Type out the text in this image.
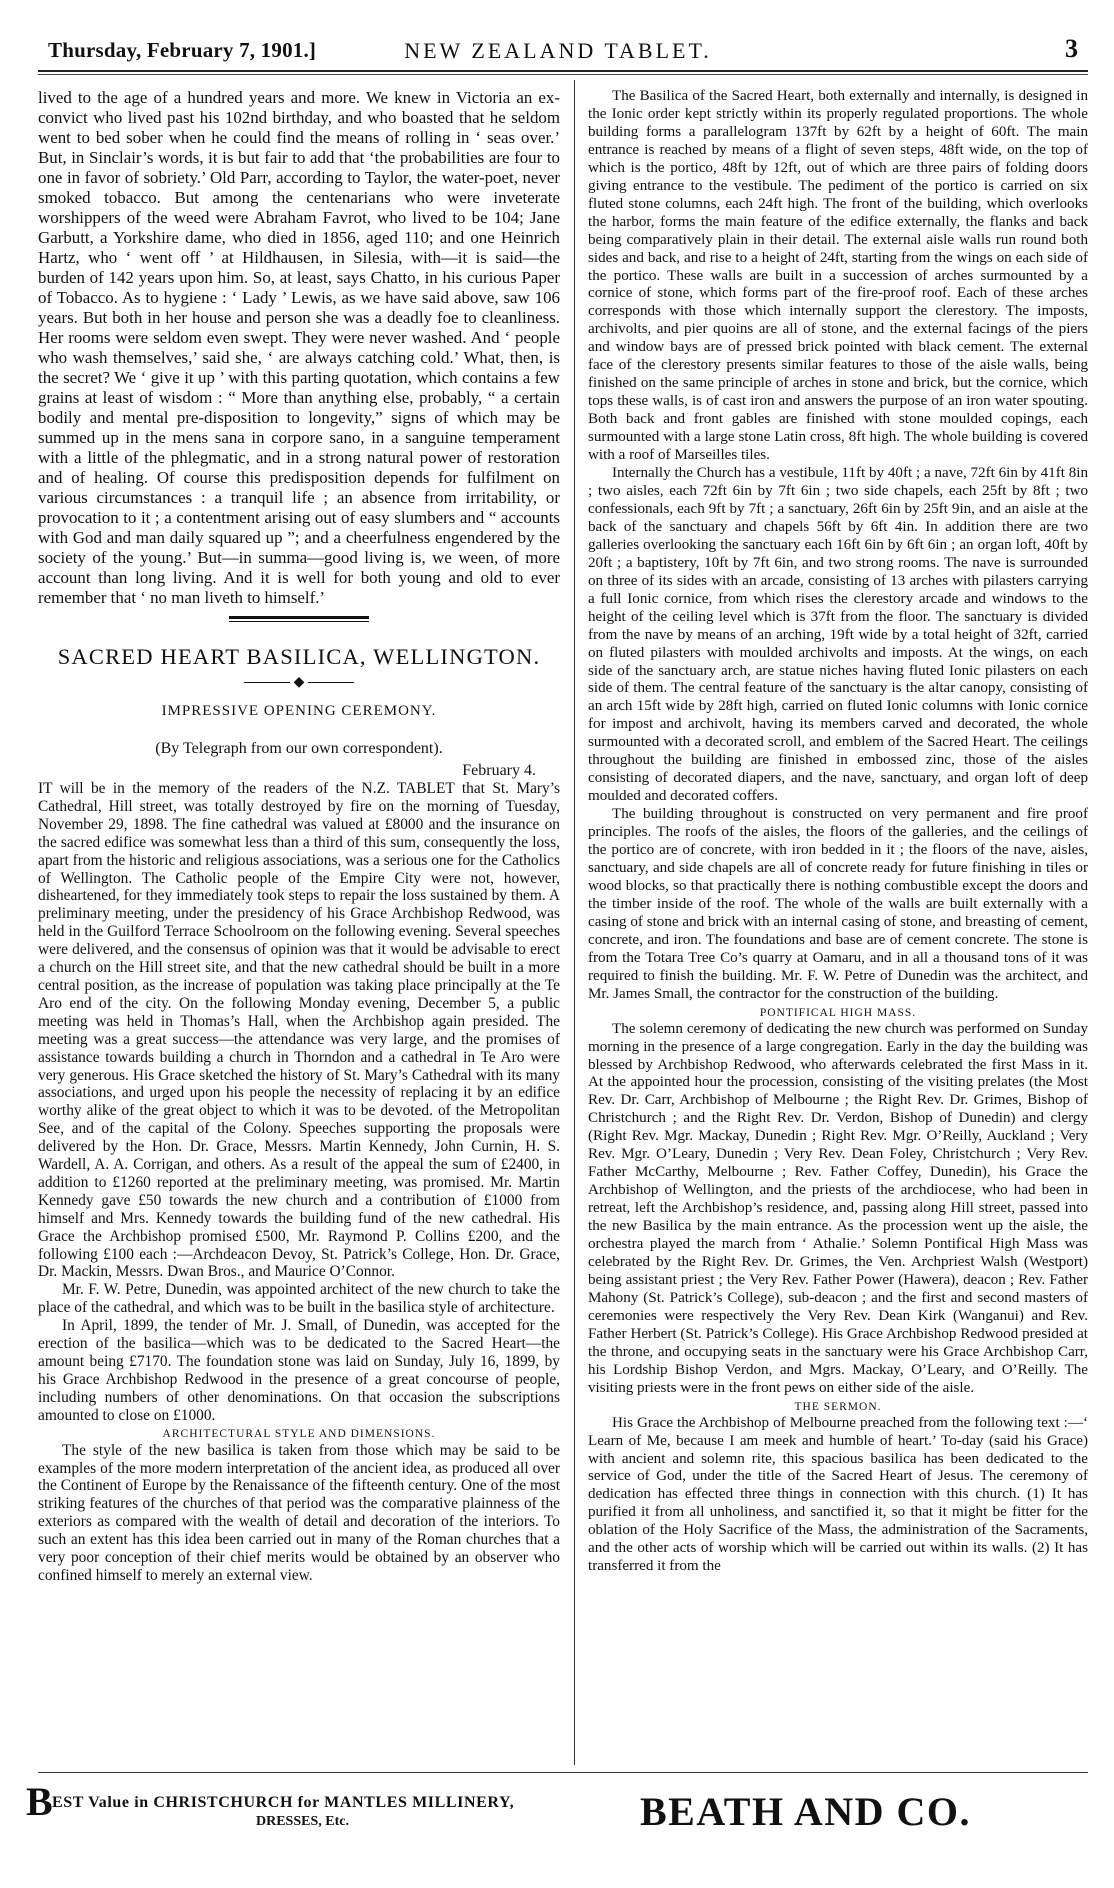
Thursday, February 7, 1901.]	NEW ZEALAND TABLET.	3

lived to the age of a hundred years and more. We knew in Victoria an ex-convict who lived past his 102nd birthday, and who boasted that he seldom went to bed sober when he could find the means of rolling in ‘ seas over.’ But, in Sinclair’s words, it is but fair to add that ‘the probabilities are four to one in favor of sobriety.’ Old Parr, according to Taylor, the water-poet, never smoked tobacco. But among the centenarians who were inveterate worshippers of the weed were Abraham Favrot, who lived to be 104; Jane Garbutt, a Yorkshire dame, who died in 1856, aged 110; and one Heinrich Hartz, who ‘ went off ’ at Hildhausen, in Silesia, with—it is said—the burden of 142 years upon him. So, at least, says Chatto, in his curious Paper of Tobacco. As to hygiene : ‘ Lady ’ Lewis, as we have said above, saw 106 years. But both in her house and person she was a deadly foe to cleanliness. Her rooms were seldom even swept. They were never washed. And ‘ people who wash themselves,’ said she, ‘ are always catching cold.’ What, then, is the secret? We ‘ give it up ’ with this parting quotation, which contains a few grains at least of wisdom : “ More than anything else, probably, “ a certain bodily and mental pre-disposition to longevity,” signs of which may be summed up in the mens sana in corpore sano, in a sanguine temperament with a little of the phlegmatic, and in a strong natural power of restoration and of healing. Of course this predisposition depends for fulfilment on various circumstances : a tranquil life ; an absence from irritability, or provocation to it ; a contentment arising out of easy slumbers and “ accounts with God and man daily squared up ”; and a cheerfulness engendered by the society of the young.’ But—in summa—good living is, we ween, of more account than long living. And it is well for both young and old to ever remember that ‘ no man liveth to himself.’

SACRED HEART BASILICA, WELLINGTON.
◆
IMPRESSIVE OPENING CEREMONY.
(By Telegraph from our own correspondent).
February 4.

IT will be in the memory of the readers of the N.Z. TABLET that St. Mary’s Cathedral, Hill street, was totally destroyed by fire on the morning of Tuesday, November 29, 1898. The fine cathedral was valued at £8000 and the insurance on the sacred edifice was somewhat less than a third of this sum, consequently the loss, apart from the historic and religious associations, was a serious one for the Catholics of Wellington. The Catholic people of the Empire City were not, however, disheartened, for they immediately took steps to repair the loss sustained by them. A preliminary meeting, under the presidency of his Grace Archbishop Redwood, was held in the Guilford Terrace Schoolroom on the following evening. Several speeches were delivered, and the consensus of opinion was that it would be advisable to erect a church on the Hill street site, and that the new cathedral should be built in a more central position, as the increase of population was taking place principally at the Te Aro end of the city. On the following Monday evening, December 5, a public meeting was held in Thomas’s Hall, when the Archbishop again presided. The meeting was a great success—the attendance was very large, and the promises of assistance towards building a church in Thorndon and a cathedral in Te Aro were very generous. His Grace sketched the history of St. Mary’s Cathedral with its many associations, and urged upon his people the necessity of replacing it by an edifice worthy alike of the great object to which it was to be devoted. of the Metropolitan See, and of the capital of the Colony. Speeches supporting the proposals were delivered by the Hon. Dr. Grace, Messrs. Martin Kennedy, John Curnin, H. S. Wardell, A. A. Corrigan, and others. As a result of the appeal the sum of £2400, in addition to £1260 reported at the preliminary meeting, was promised. Mr. Martin Kennedy gave £50 towards the new church and a contribution of £1000 from himself and Mrs. Kennedy towards the building fund of the new cathedral. His Grace the Archbishop promised £500, Mr. Raymond P. Collins £200, and the following £100 each :—Archdeacon Devoy, St. Patrick’s College, Hon. Dr. Grace, Dr. Mackin, Messrs. Dwan Bros., and Maurice O’Connor.

Mr. F. W. Petre, Dunedin, was appointed architect of the new church to take the place of the cathedral, and which was to be built in the basilica style of architecture.

In April, 1899, the tender of Mr. J. Small, of Dunedin, was accepted for the erection of the basilica—which was to be dedicated to the Sacred Heart—the amount being £7170. The foundation stone was laid on Sunday, July 16, 1899, by his Grace Archbishop Redwood in the presence of a great concourse of people, including numbers of other denominations. On that occasion the subscriptions amounted to close on £1000.

ARCHITECTURAL STYLE AND DIMENSIONS.

The style of the new basilica is taken from those which may be said to be examples of the more modern interpretation of the ancient idea, as produced all over the Continent of Europe by the Renaissance of the fifteenth century. One of the most striking features of the churches of that period was the comparative plainness of the exteriors as compared with the wealth of detail and decoration of the interiors. To such an extent has this idea been carried out in many of the Roman churches that a very poor conception of their chief merits would be obtained by an observer who confined himself to merely an external view.

The Basilica of the Sacred Heart, both externally and internally, is designed in the Ionic order kept strictly within its properly regulated proportions. The whole building forms a parallelogram 137ft by 62ft by a height of 60ft. The main entrance is reached by means of a flight of seven steps, 48ft wide, on the top of which is the portico, 48ft by 12ft, out of which are three pairs of folding doors giving entrance to the vestibule. The pediment of the portico is carried on six fluted stone columns, each 24ft high. The front of the building, which overlooks the harbor, forms the main feature of the edifice externally, the flanks and back being comparatively plain in their detail. The external aisle walls run round both sides and back, and rise to a height of 24ft, starting from the wings on each side of the portico. These walls are built in a succession of arches surmounted by a cornice of stone, which forms part of the fire-proof roof. Each of these arches corresponds with those which internally support the clerestory. The imposts, archivolts, and pier quoins are all of stone, and the external facings of the piers and window bays are of pressed brick pointed with black cement. The external face of the clerestory presents similar features to those of the aisle walls, being finished on the same principle of arches in stone and brick, but the cornice, which tops these walls, is of cast iron and answers the purpose of an iron water spouting. Both back and front gables are finished with stone moulded copings, each surmounted with a large stone Latin cross, 8ft high. The whole building is covered with a roof of Marseilles tiles.

Internally the Church has a vestibule, 11ft by 40ft ; a nave, 72ft 6in by 41ft 8in ; two aisles, each 72ft 6in by 7ft 6in ; two side chapels, each 25ft by 8ft ; two confessionals, each 9ft by 7ft ; a sanctuary, 26ft 6in by 25ft 9in, and an aisle at the back of the sanctuary and chapels 56ft by 6ft 4in. In addition there are two galleries overlooking the sanctuary each 16ft 6in by 6ft 6in ; an organ loft, 40ft by 20ft ; a baptistery, 10ft by 7ft 6in, and two strong rooms. The nave is surrounded on three of its sides with an arcade, consisting of 13 arches with pilasters carrying a full Ionic cornice, from which rises the clerestory arcade and windows to the height of the ceiling level which is 37ft from the floor. The sanctuary is divided from the nave by means of an arching, 19ft wide by a total height of 32ft, carried on fluted pilasters with moulded archivolts and imposts. At the wings, on each side of the sanctuary arch, are statue niches having fluted Ionic pilasters on each side of them. The central feature of the sanctuary is the altar canopy, consisting of an arch 15ft wide by 28ft high, carried on fluted Ionic columns with Ionic cornice for impost and archivolt, having its members carved and decorated, the whole surmounted with a decorated scroll, and emblem of the Sacred Heart. The ceilings throughout the building are finished in embossed zinc, those of the aisles consisting of decorated diapers, and the nave, sanctuary, and organ loft of deep moulded and decorated coffers.

The building throughout is constructed on very permanent and fire proof principles. The roofs of the aisles, the floors of the galleries, and the ceilings of the portico are of concrete, with iron bedded in it ; the floors of the nave, aisles, sanctuary, and side chapels are all of concrete ready for future finishing in tiles or wood blocks, so that practically there is nothing combustible except the doors and the timber inside of the roof. The whole of the walls are built externally with a casing of stone and brick with an internal casing of stone, and breasting of cement, concrete, and iron. The foundations and base are of cement concrete. The stone is from the Totara Tree Co’s quarry at Oamaru, and in all a thousand tons of it was required to finish the building. Mr. F. W. Petre of Dunedin was the architect, and Mr. James Small, the contractor for the construction of the building.

PONTIFICAL HIGH MASS.

The solemn ceremony of dedicating the new church was performed on Sunday morning in the presence of a large congregation. Early in the day the building was blessed by Archbishop Redwood, who afterwards celebrated the first Mass in it. At the appointed hour the procession, consisting of the visiting prelates (the Most Rev. Dr. Carr, Archbishop of Melbourne ; the Right Rev. Dr. Grimes, Bishop of Christchurch ; and the Right Rev. Dr. Verdon, Bishop of Dunedin) and clergy (Right Rev. Mgr. Mackay, Dunedin ; Right Rev. Mgr. O’Reilly, Auckland ; Very Rev. Mgr. O’Leary, Dunedin ; Very Rev. Dean Foley, Christchurch ; Very Rev. Father McCarthy, Melbourne ; Rev. Father Coffey, Dunedin), his Grace the Archbishop of Wellington, and the priests of the archdiocese, who had been in retreat, left the Archbishop’s residence, and, passing along Hill street, passed into the new Basilica by the main entrance. As the procession went up the aisle, the orchestra played the march from ‘ Athalie.’ Solemn Pontifical High Mass was celebrated by the Right Rev. Dr. Grimes, the Ven. Archpriest Walsh (Westport) being assistant priest ; the Very Rev. Father Power (Hawera), deacon ; Rev. Father Mahony (St. Patrick’s College), sub-deacon ; and the first and second masters of ceremonies were respectively the Very Rev. Dean Kirk (Wanganui) and Rev. Father Herbert (St. Patrick’s College). His Grace Archbishop Redwood presided at the throne, and occupying seats in the sanctuary were his Grace Archbishop Carr, his Lordship Bishop Verdon, and Mgrs. Mackay, O’Leary, and O’Reilly. The visiting priests were in the front pews on either side of the aisle.

THE SERMON.

His Grace the Archbishop of Melbourne preached from the following text :—‘ Learn of Me, because I am meek and humble of heart.’ To-day (said his Grace) with ancient and solemn rite, this spacious basilica has been dedicated to the service of God, under the title of the Sacred Heart of Jesus. The ceremony of dedication has effected three things in connection with this church. (1) It has purified it from all unholiness, and sanctified it, so that it might be fitter for the oblation of the Holy Sacrifice of the Mass, the administration of the Sacraments, and the other acts of worship which will be carried out within its walls. (2) It has transferred it from the

B EST Value in CHRISTCHURCH for MANTLES MILLINERY,
DRESSES, Etc.	BEATH AND CO.
